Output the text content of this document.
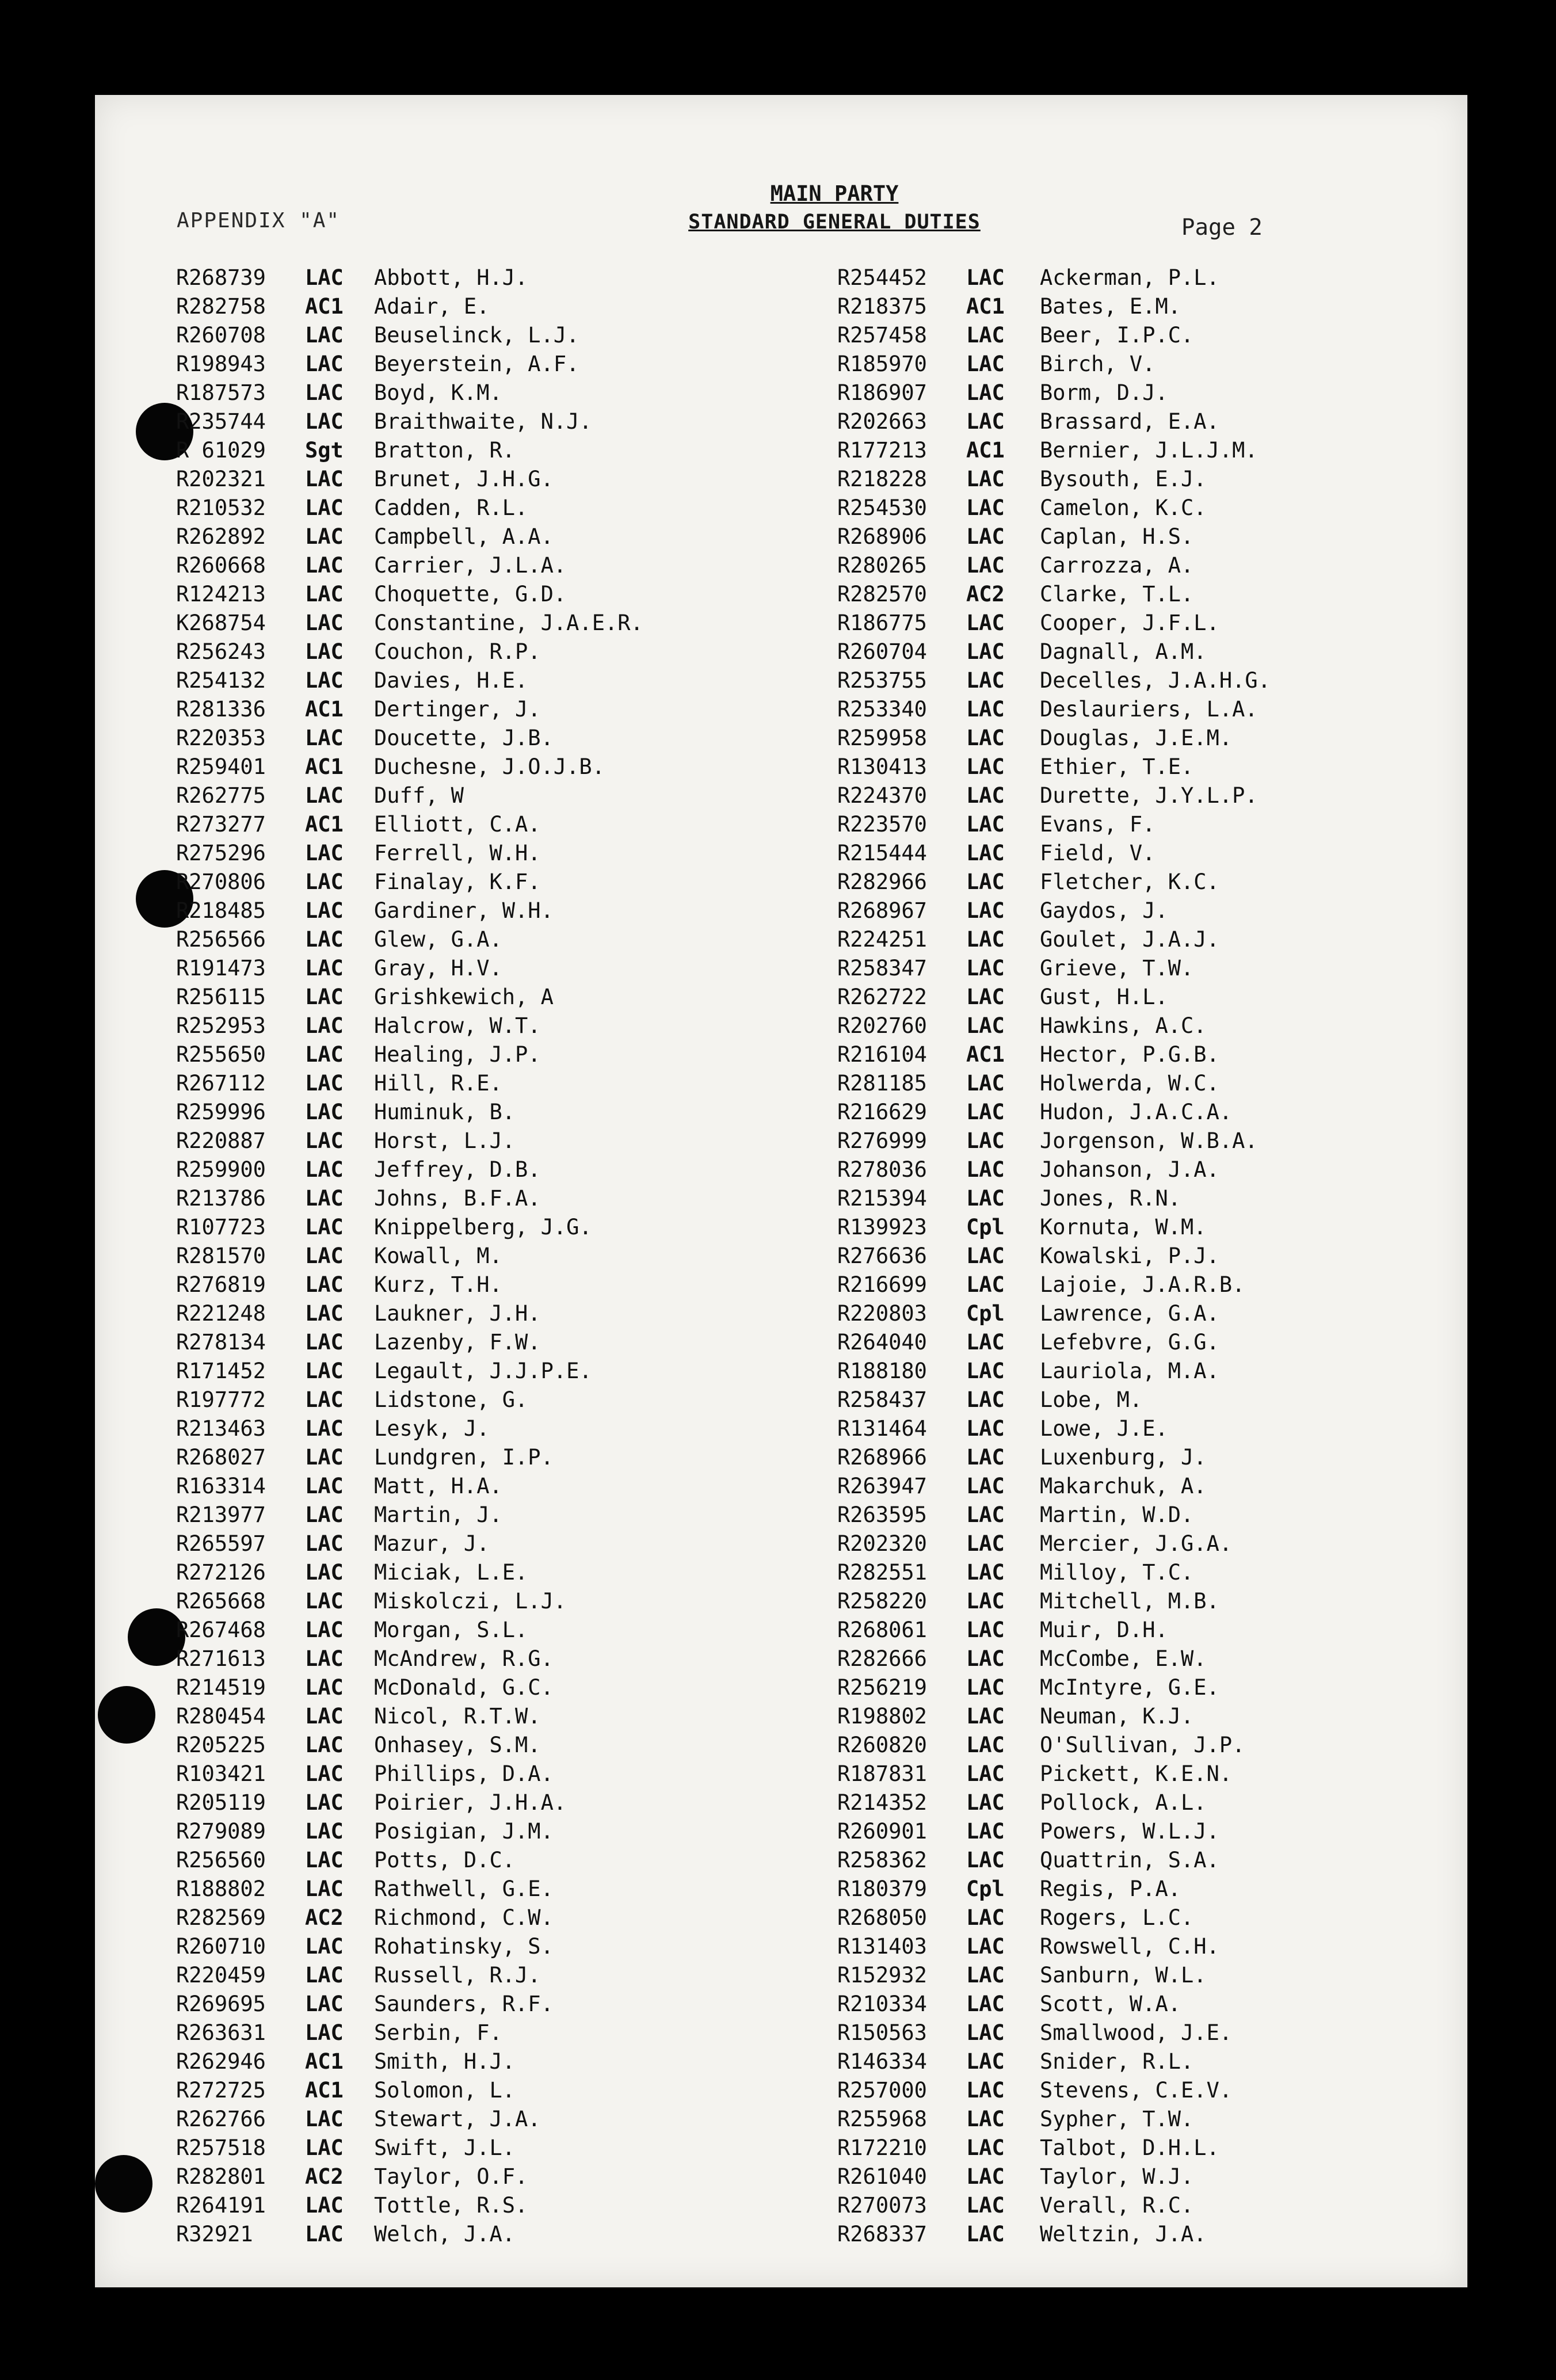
APPENDIX "A"
MAIN PARTY
STANDARD GENERAL DUTIES	Page 2
R268739 LAC Abbott, H.J.
R282758 AC1 Adair, E.
R260708 LAC Beuselinck, L.J.
R198943 LAC Beyerstein, A.F.
R187573 LAC Boyd, K.M.
R235744 LAC Braithwaite, N.J.
R 61029 Sgt Bratton, R.
R202321 LAC Brunet, J.H.G.
R210532 LAC Cadden, R.L.
R262892 LAC Campbell, A.A.
R260668 LAC Carrier, J.L.A.
R124213 LAC Choquette, G.D.
K268754 LAC Constantine, J.A.E.R.
R256243 LAC Couchon, R.P.
R254132 LAC Davies, H.E.
R281336 AC1 Dertinger, J.
R220353 LAC Doucette, J.B.
R259401 AC1 Duchesne, J.O.J.B.
R262775 LAC Duff, W
R273277 AC1 Elliott, C.A.
R275296 LAC Ferrell, W.H.
R270806 LAC Finalay, K.F.
R218485 LAC Gardiner, W.H.
R256566 LAC Glew, G.A.
R191473 LAC Gray, H.V.
R256115 LAC Grishkewich, A
R252953 LAC Halcrow, W.T.
R255650 LAC Healing, J.P.
R267112 LAC Hill, R.E.
R259996 LAC Huminuk, B.
R220887 LAC Horst, L.J.
R259900 LAC Jeffrey, D.B.
R213786 LAC Johns, B.F.A.
R107723 LAC Knippelberg, J.G.
R281570 LAC Kowall, M.
R276819 LAC Kurz, T.H.
R221248 LAC Laukner, J.H.
R278134 LAC Lazenby, F.W.
R171452 LAC Legault, J.J.P.E.
R197772 LAC Lidstone, G.
R213463 LAC Lesyk, J.
R268027 LAC Lundgren, I.P.
R163314 LAC Matt, H.A.
R213977 LAC Martin, J.
R265597 LAC Mazur, J.
R272126 LAC Miciak, L.E.
R265668 LAC Miskolczi, L.J.
R267468 LAC Morgan, S.L.
R271613 LAC McAndrew, R.G.
R214519 LAC McDonald, G.C.
R280454 LAC Nicol, R.T.W.
R205225 LAC Onhasey, S.M.
R103421 LAC Phillips, D.A.
R205119 LAC Poirier, J.H.A.
R279089 LAC Posigian, J.M.
R256560 LAC Potts, D.C.
R188802 LAC Rathwell, G.E.
R282569 AC2 Richmond, C.W.
R260710 LAC Rohatinsky, S.
R220459 LAC Russell, R.J.
R269695 LAC Saunders, R.F.
R263631 LAC Serbin, F.
R262946 AC1 Smith, H.J.
R272725 AC1 Solomon, L.
R262766 LAC Stewart, J.A.
R257518 LAC Swift, J.L.
R282801 AC2 Taylor, O.F.
R264191 LAC Tottle, R.S.
R32921 LAC Welch, J.A.
R254452 LAC Ackerman, P.L.
R218375 AC1 Bates, E.M.
R257458 LAC Beer, I.P.C.
R185970 LAC Birch, V.
R186907 LAC Borm, D.J.
R202663 LAC Brassard, E.A.
R177213 AC1 Bernier, J.L.J.M.
R218228 LAC Bysouth, E.J.
R254530 LAC Camelon, K.C.
R268906 LAC Caplan, H.S.
R280265 LAC Carrozza, A.
R282570 AC2 Clarke, T.L.
R186775 LAC Cooper, J.F.L.
R260704 LAC Dagnall, A.M.
R253755 LAC Decelles, J.A.H.G.
R253340 LAC Deslauriers, L.A.
R259958 LAC Douglas, J.E.M.
R130413 LAC Ethier, T.E.
R224370 LAC Durette, J.Y.L.P.
R223570 LAC Evans, F.
R215444 LAC Field, V.
R282966 LAC Fletcher, K.C.
R268967 LAC Gaydos, J.
R224251 LAC Goulet, J.A.J.
R258347 LAC Grieve, T.W.
R262722 LAC Gust, H.L.
R202760 LAC Hawkins, A.C.
R216104 AC1 Hector, P.G.B.
R281185 LAC Holwerda, W.C.
R216629 LAC Hudon, J.A.C.A.
R276999 LAC Jorgenson, W.B.A.
R278036 LAC Johanson, J.A.
R215394 LAC Jones, R.N.
R139923 Cpl Kornuta, W.M.
R276636 LAC Kowalski, P.J.
R216699 LAC Lajoie, J.A.R.B.
R220803 Cpl Lawrence, G.A.
R264040 LAC Lefebvre, G.G.
R188180 LAC Lauriola, M.A.
R258437 LAC Lobe, M.
R131464 LAC Lowe, J.E.
R268966 LAC Luxenburg, J.
R263947 LAC Makarchuk, A.
R263595 LAC Martin, W.D.
R202320 LAC Mercier, J.G.A.
R282551 LAC Milloy, T.C.
R258220 LAC Mitchell, M.B.
R268061 LAC Muir, D.H.
R282666 LAC McCombe, E.W.
R256219 LAC McIntyre, G.E.
R198802 LAC Neuman, K.J.
R260820 LAC O'Sullivan, J.P.
R187831 LAC Pickett, K.E.N.
R214352 LAC Pollock, A.L.
R260901 LAC Powers, W.L.J.
R258362 LAC Quattrin, S.A.
R180379 Cpl Regis, P.A.
R268050 LAC Rogers, L.C.
R131403 LAC Rowswell, C.H.
R152932 LAC Sanburn, W.L.
R210334 LAC Scott, W.A.
R150563 LAC Smallwood, J.E.
R146334 LAC Snider, R.L.
R257000 LAC Stevens, C.E.V.
R255968 LAC Sypher, T.W.
R172210 LAC Talbot, D.H.L.
R261040 LAC Taylor, W.J.
R270073 LAC Verall, R.C.
R268337 LAC Weltzin, J.A.
